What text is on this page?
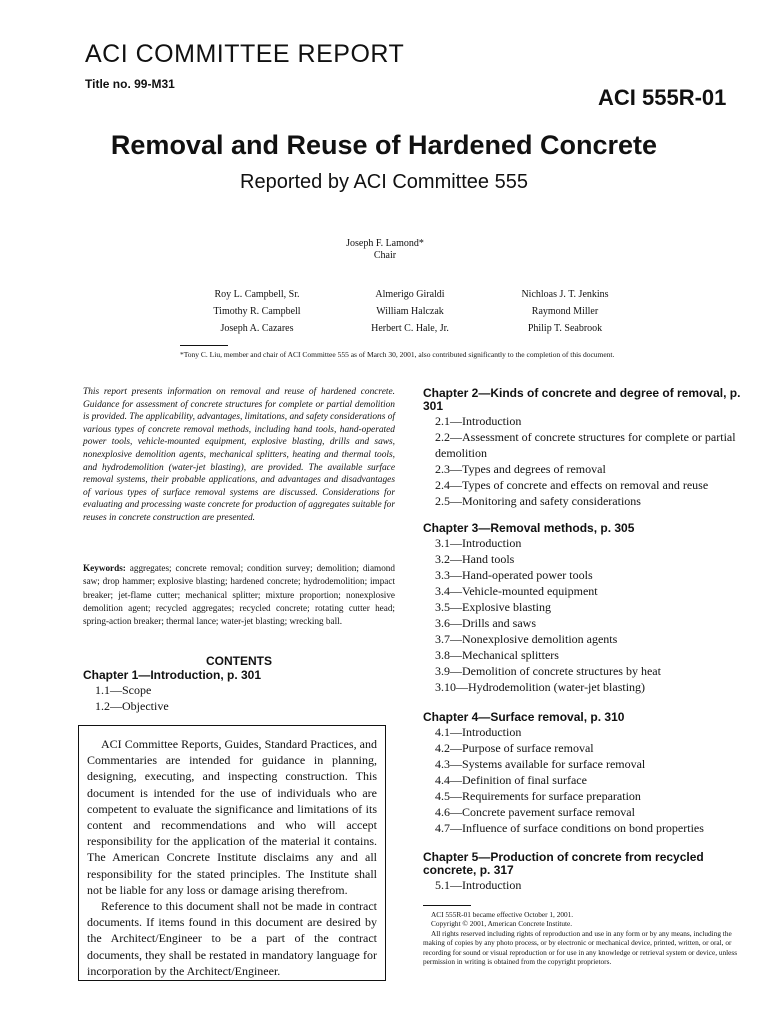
ACI COMMITTEE REPORT
Title no. 99-M31
ACI 555R-01
Removal and Reuse of Hardened Concrete
Reported by ACI Committee 555
Joseph F. Lamond*
Chair
Roy L. Campbell, Sr.
Timothy R. Campbell
Joseph A. Cazares
Almerigo Giraldi
William Halczak
Herbert C. Hale, Jr.
Nichloas J. T. Jenkins
Raymond Miller
Philip T. Seabrook
*Tony C. Liu, member and chair of ACI Committee 555 as of March 30, 2001, also contributed significantly to the completion of this document.
This report presents information on removal and reuse of hardened concrete. Guidance for assessment of concrete structures for complete or partial demolition is provided. The applicability, advantages, limitations, and safety considerations of various types of concrete removal methods, including hand tools, hand-operated power tools, vehicle-mounted equipment, explosive blasting, drills and saws, nonexplosive demolition agents, mechanical splitters, heating and thermal tools, and hydrodemolition (water-jet blasting), are provided. The available surface removal systems, their probable applications, and advantages and disadvantages of various types of surface removal systems are discussed. Considerations for evaluating and processing waste concrete for production of aggregates suitable for reuses in concrete construction are presented.
Keywords: aggregates; concrete removal; condition survey; demolition; diamond saw; drop hammer; explosive blasting; hardened concrete; hydrodemolition; impact breaker; jet-flame cutter; mechanical splitter; mixture proportion; nonexplosive demolition agent; recycled aggregates; recycled concrete; rotating cutter head; spring-action breaker; thermal lance; water-jet blasting; wrecking ball.
CONTENTS
Chapter 1—Introduction, p. 301
1.1—Scope
1.2—Objective

ACI Committee Reports, Guides, Standard Practices, and Commentaries are intended for guidance in planning, designing, executing, and inspecting construction. This document is intended for the use of individuals who are competent to evaluate the significance and limitations of its content and recommendations and who will accept responsibility for the application of the material it contains. The American Concrete Institute disclaims any and all responsibility for the stated principles. The Institute shall not be liable for any loss or damage arising therefrom.

Reference to this document shall not be made in contract documents. If items found in this document are desired by the Architect/Engineer to be a part of the contract documents, they shall be restated in mandatory language for incorporation by the Architect/Engineer.

Chapter 2—Kinds of concrete and degree of removal, p. 301
2.1—Introduction
2.2—Assessment of concrete structures for complete or partial demolition
2.3—Types and degrees of removal
2.4—Types of concrete and effects on removal and reuse
2.5—Monitoring and safety considerations
Chapter 3—Removal methods, p. 305
3.1—Introduction
3.2—Hand tools
3.3—Hand-operated power tools
3.4—Vehicle-mounted equipment
3.5—Explosive blasting
3.6—Drills and saws
3.7—Nonexplosive demolition agents
3.8—Mechanical splitters
3.9—Demolition of concrete structures by heat
3.10—Hydrodemolition (water-jet blasting)
Chapter 4—Surface removal, p. 310
4.1—Introduction
4.2—Purpose of surface removal
4.3—Systems available for surface removal
4.4—Definition of final surface
4.5—Requirements for surface preparation
4.6—Concrete pavement surface removal
4.7—Influence of surface conditions on bond properties
Chapter 5—Production of concrete from recycled concrete, p. 317
5.1—Introduction
ACI 555R-01 became effective October 1, 2001.
Copyright © 2001, American Concrete Institute.
All rights reserved including rights of reproduction and use in any form or by any means, including the making of copies by any photo process, or by electronic or mechanical device, printed, written, or oral, or recording for sound or visual reproduction or for use in any knowledge or retrieval system or device, unless permission in writing is obtained from the copyright proprietors.
